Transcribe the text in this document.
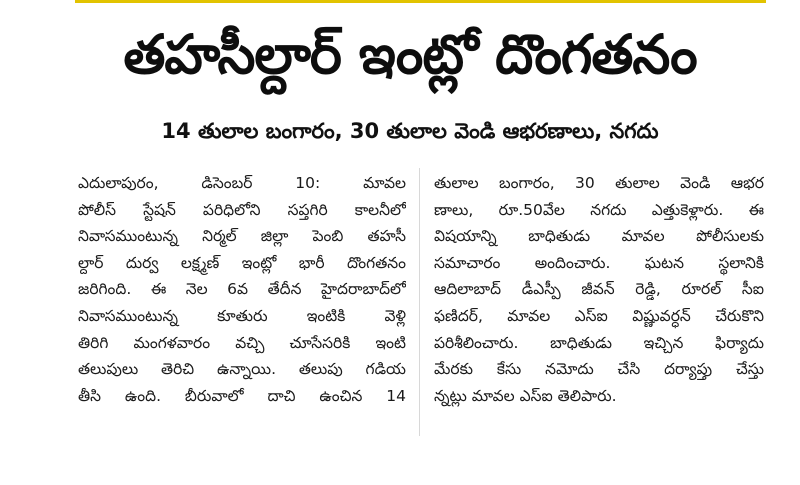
తహసీల్దార్ ఇంట్లో దొంగతనం
14 తులాల బంగారం, 30 తులాల వెండి ఆభరణాలు, నగదు
ఎదులాపురం, డిసెంబర్ 10: మావల
పోలీస్ స్టేషన్ పరిధిలోని సప్తగిరి కాలనీలో
నివాసముంటున్న నిర్మల్ జిల్లా పెంబి తహసీ
ల్దార్ దుర్వ లక్ష్మణ్ ఇంట్లో భారీ దొంగతనం
జరిగింది. ఈ నెల 6వ తేదీన హైదరాబాద్‌లో
నివాసముంటున్న కూతురు ఇంటికి వెళ్లి
తిరిగి మంగళవారం వచ్చి చూసేసరికి ఇంటి
తలుపులు తెరిచి ఉన్నాయి. తలుపు గడియ
తీసి ఉంది. బీరువాలో దాచి ఉంచిన 14
తులాల బంగారం, 30 తులాల వెండి ఆభర
ణాలు, రూ.50వేల నగదు ఎత్తుకెళ్లారు. ఈ
విషయాన్ని బాధితుడు మావల పోలీసులకు
సమాచారం అందించారు. ఘటన స్థలానికి
ఆదిలాబాద్ డీఎస్పీ జీవన్ రెడ్డి, రూరల్ సీఐ
ఫణిదర్, మావల ఎస్ఐ విష్ణువర్ధన్ చేరుకొని
పరిశీలించారు. బాధితుడు ఇచ్చిన ఫిర్యాదు
మేరకు కేసు నమోదు చేసి దర్యాప్తు చేస్తు
న్నట్లు మావల ఎస్ఐ తెలిపారు.
